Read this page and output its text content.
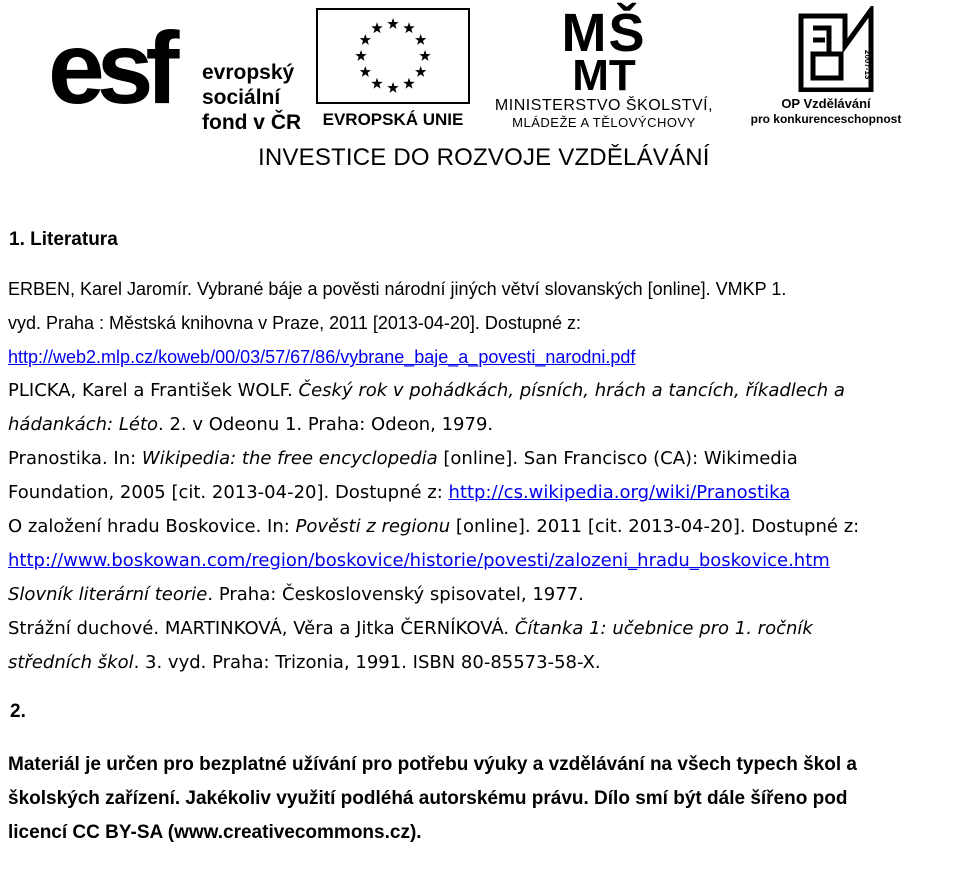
esf evropský
sociální
fond v ČR	EVROPSKÁ UNIE
MŠ
MT
MINISTERSTVO ŠKOLSTVÍ,
MLÁDEŽE A TĚLOVÝCHOVY
2007-13
OP Vzdělávání
pro konkurenceschopnost
INVESTICE DO ROZVOJE VZDĚLÁVÁNÍ
1. Literatura
ERBEN, Karel Jaromír. Vybrané báje a pověsti národní jiných větví slovanských [online]. VMKP 1.
vyd. Praha : Městská knihovna v Praze, 2011 [2013-04-20]. Dostupné z:
http://web2.mlp.cz/koweb/00/03/57/67/86/vybrane_baje_a_povesti_narodni.pdf
PLICKA, Karel a František WOLF. Český rok v pohádkách, písních, hrách a tancích, říkadlech a
hádankách: Léto. 2. v Odeonu 1. Praha: Odeon, 1979.
Pranostika. In: Wikipedia: the free encyclopedia [online]. San Francisco (CA): Wikimedia
Foundation, 2005 [cit. 2013-04-20]. Dostupné z: http://cs.wikipedia.org/wiki/Pranostika
O založení hradu Boskovice. In: Pověsti z regionu [online]. 2011 [cit. 2013-04-20]. Dostupné z:
http://www.boskowan.com/region/boskovice/historie/povesti/zalozeni_hradu_boskovice.htm
Slovník literární teorie. Praha: Československý spisovatel, 1977.
Strážní duchové. MARTINKOVÁ, Věra a Jitka ČERNÍKOVÁ. Čítanka 1: učebnice pro 1. ročník
středních škol. 3. vyd. Praha: Trizonia, 1991. ISBN 80-85573-58-X.
2.
Materiál je určen pro bezplatné užívání pro potřebu výuky a vzdělávání na všech typech škol a
školských zařízení. Jakékoliv využití podléhá autorskému právu. Dílo smí být dále šířeno pod
licencí CC BY-SA (www.creativecommons.cz).
